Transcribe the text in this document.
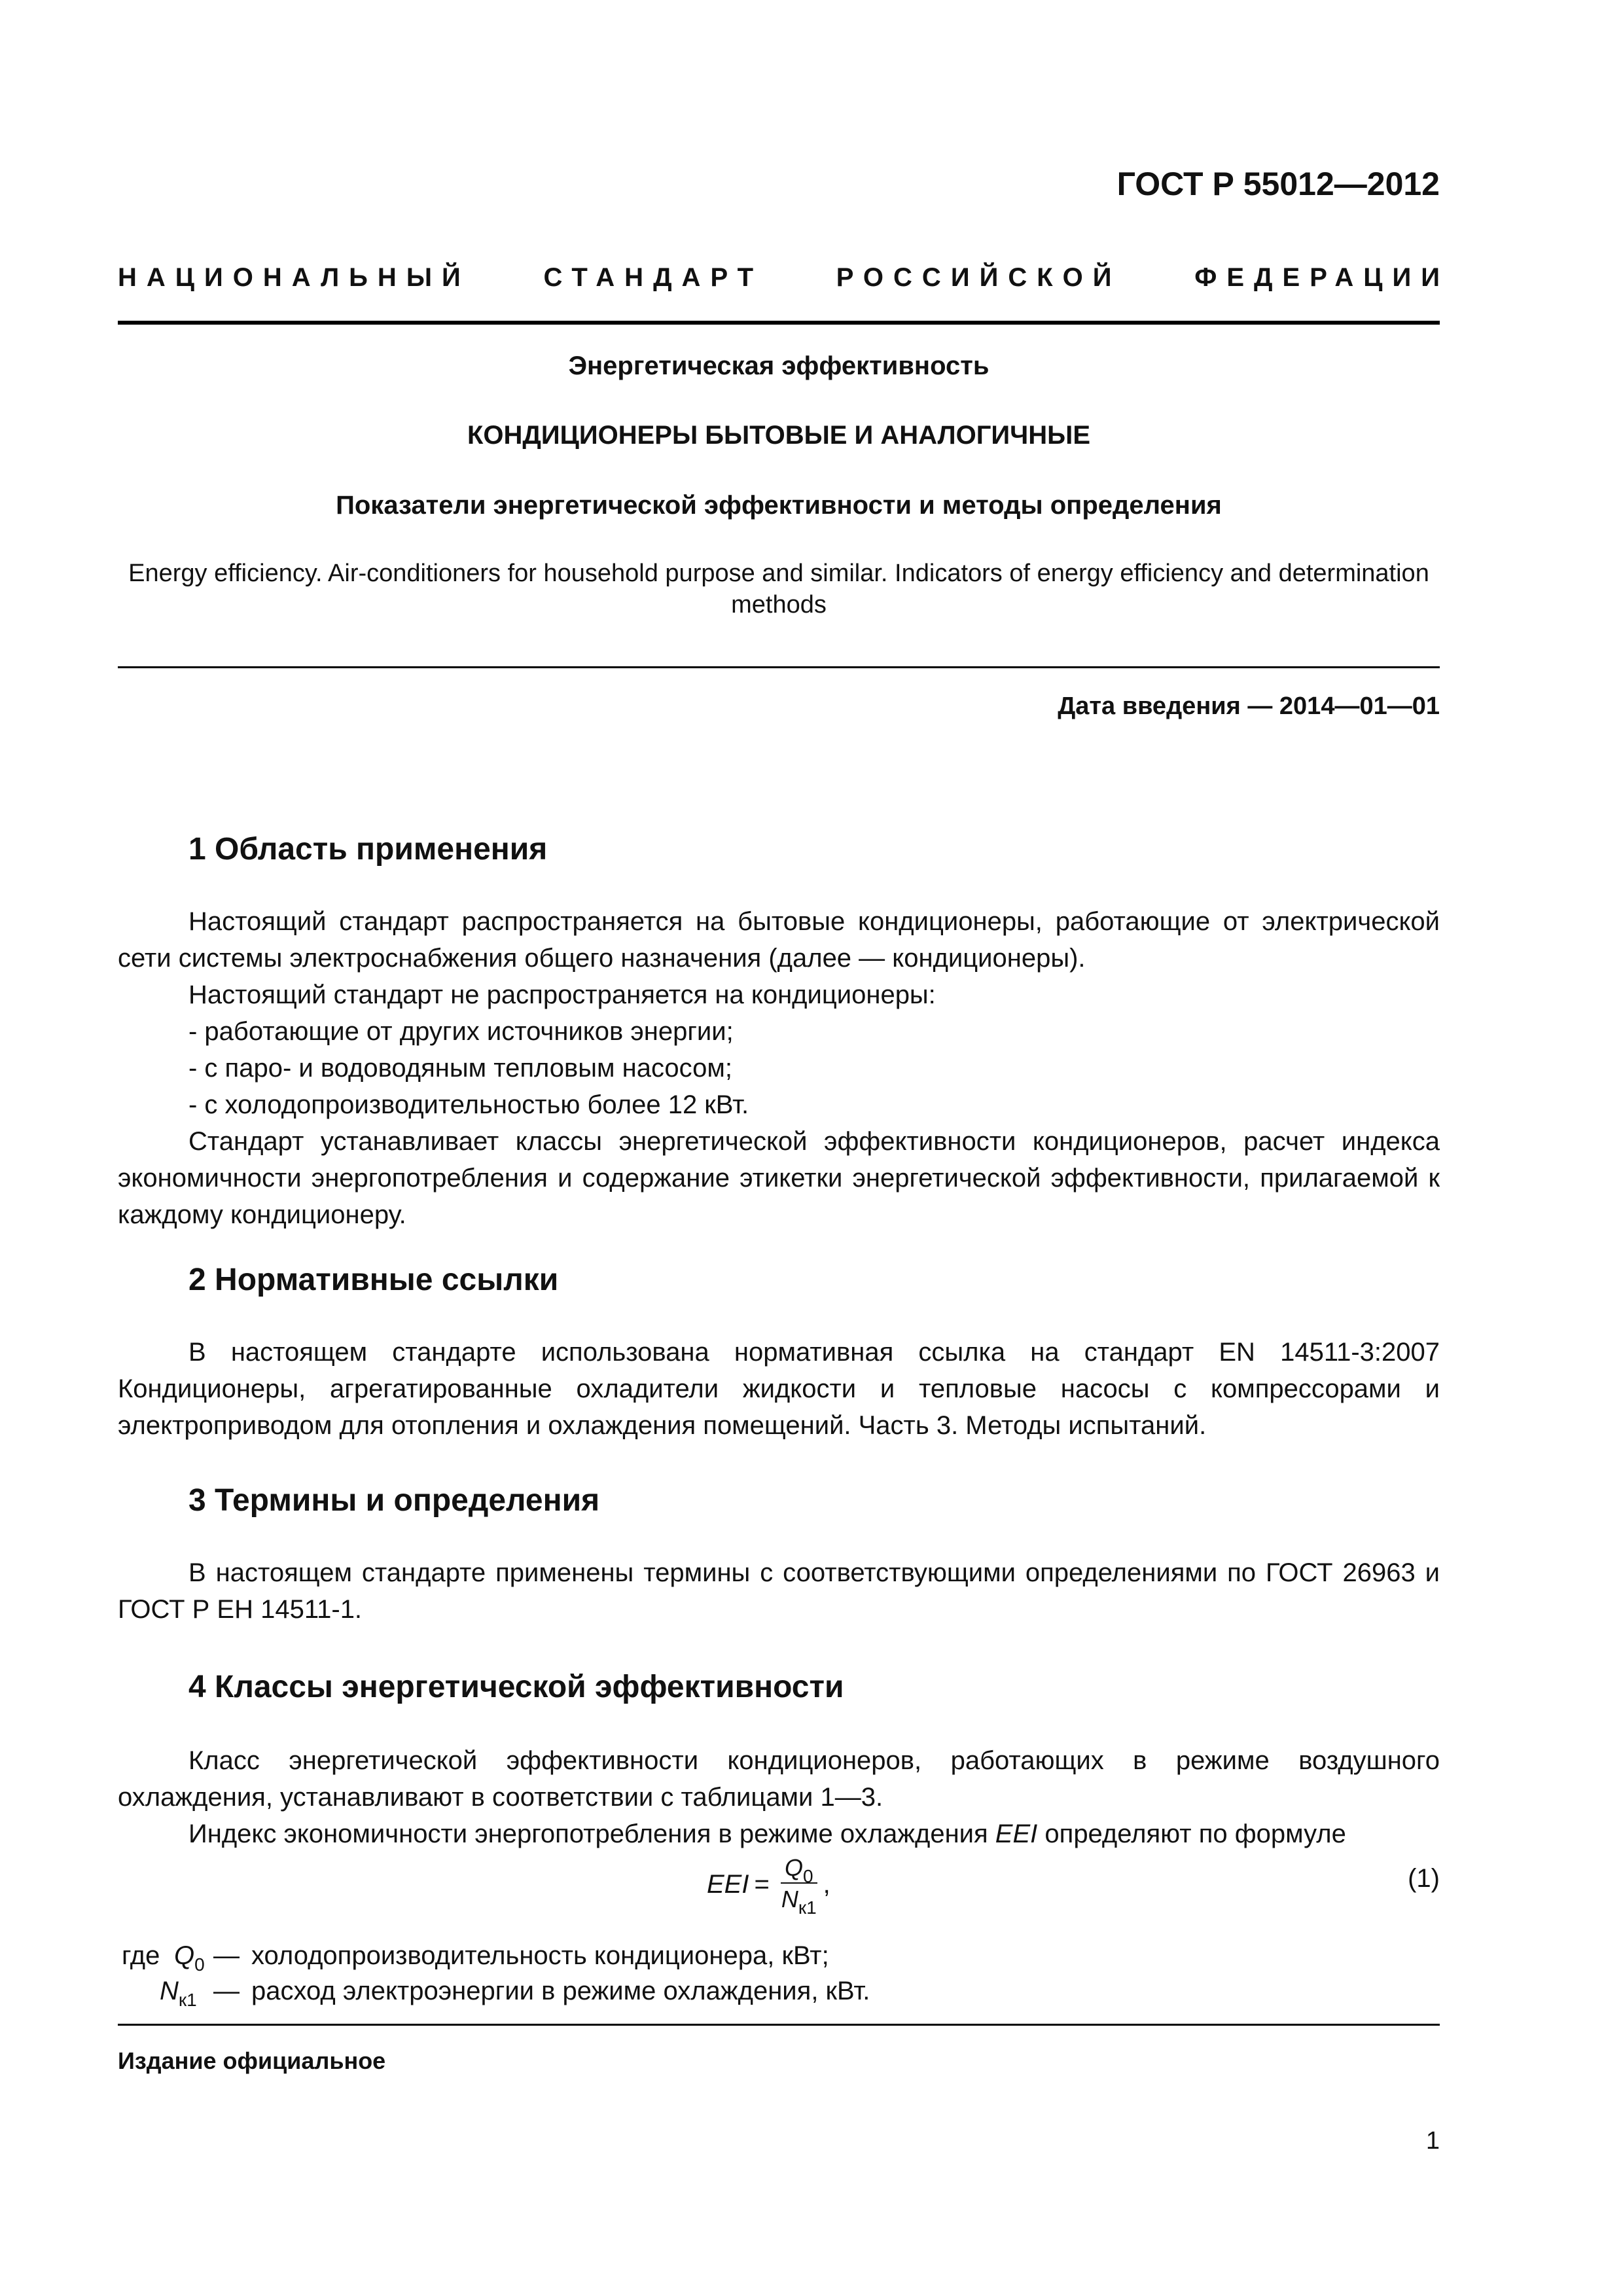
ГОСТ Р 55012—2012
НАЦИОНАЛЬНЫЙ	СТАНДАРТ	РОССИЙСКОЙ	ФЕДЕРАЦИИ
Энергетическая эффективность
КОНДИЦИОНЕРЫ БЫТОВЫЕ И АНАЛОГИЧНЫЕ
Показатели энергетической эффективности и методы определения
Energy efficiency. Air-conditioners for household purpose and similar. Indicators of energy efficiency and determination methods
Дата введения — 2014—01—01
1 Область применения
Настоящий стандарт распространяется на бытовые кондиционеры, работающие от электрической сети системы электроснабжения общего назначения (далее — кондиционеры).
Настоящий стандарт не распространяется на кондиционеры:
- работающие от других источников энергии;
- с паро- и водоводяным тепловым насосом;
- с холодопроизводительностью более 12 кВт.
Стандарт устанавливает классы энергетической эффективности кондиционеров, расчет индекса экономичности энергопотребления и содержание этикетки энергетической эффективности, прилагаемой к каждому кондиционеру.
2 Нормативные ссылки
В настоящем стандарте использована нормативная ссылка на стандарт EN 14511-3:2007 Кондиционеры, агрегатированные охладители жидкости и тепловые насосы с компрессорами и электроприводом для отопления и охлаждения помещений. Часть 3. Методы испытаний.
3 Термины и определения
В настоящем стандарте применены термины с соответствующими определениями по ГОСТ 26963 и ГОСТ Р ЕН 14511-1.
4 Классы энергетической эффективности
Класс энергетической эффективности кондиционеров, работающих в режиме воздушного охлаждения, устанавливают в соответствии с таблицами 1—3.
Индекс экономичности энергопотребления в режиме охлаждения EEI определяют по формуле
EEI = $\frac{Q_0}{N_{к1}}$ ,	(1)
где $Q_0$ — холодопроизводительность кондиционера, кВт;
$N_{к1}$ — расход электроэнергии в режиме охлаждения, кВт.
Издание официальное
1
